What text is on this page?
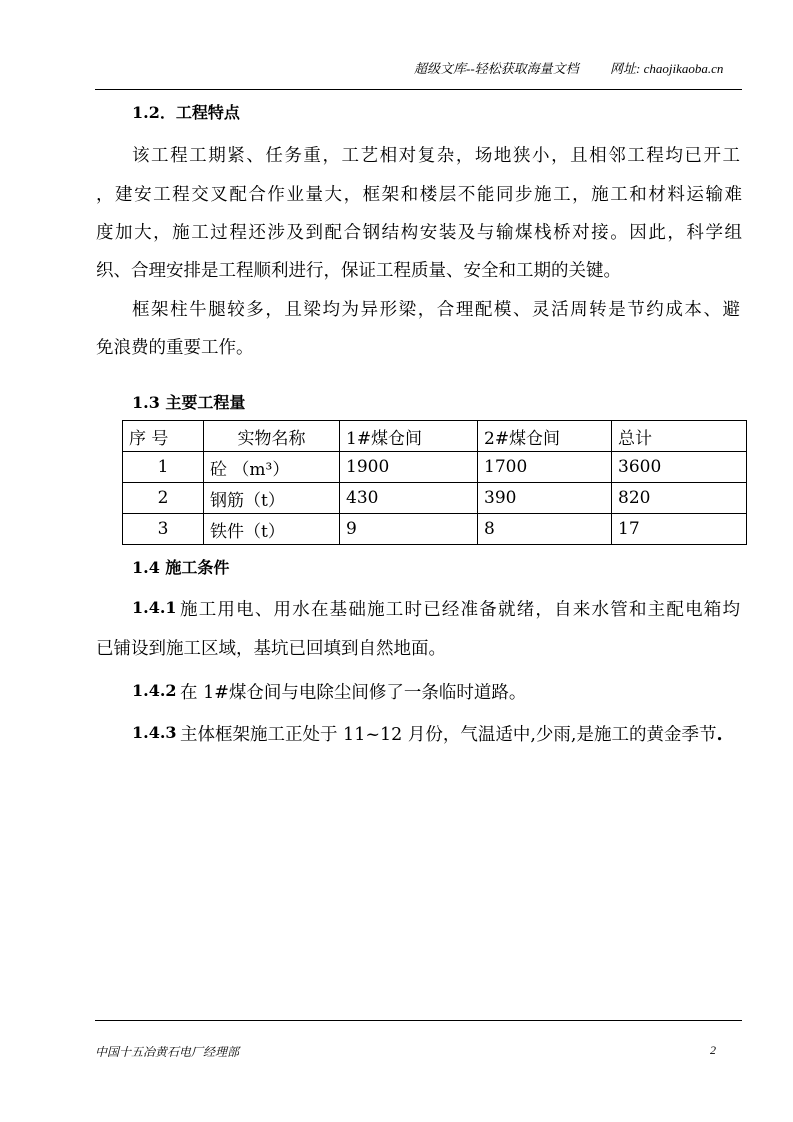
超级文库--轻松获取海量文档 网址: chaojikaoba.cn
1.2．工程特点
该工程工期紧、任务重，工艺相对复杂，场地狭小，且相邻工程均已开工
，建安工程交叉配合作业量大，框架和楼层不能同步施工，施工和材料运输难
度加大，施工过程还涉及到配合钢结构安装及与输煤栈桥对接。因此，科学组
织、合理安排是工程顺利进行，保证工程质量、安全和工期的关键。
框架柱牛腿较多，且梁均为异形梁，合理配模、灵活周转是节约成本、避
免浪费的重要工作。
1.3 主要工程量
序 号	实物名称	1#煤仓间	2#煤仓间	总计
1	砼 （m³）	1900	1700	3600
2	钢筋（t）	430	390	820
3	铁件（t）	9	8	17
1.4 施工条件
1.4.1 施工用电、用水在基础施工时已经准备就绪，自来水管和主配电箱均
已铺设到施工区域，基坑已回填到自然地面。
1.4.2 在 1#煤仓间与电除尘间修了一条临时道路。
1.4.3 主体框架施工正处于 11~12 月份，气温适中,少雨,是施工的黄金季节.
中国十五冶黄石电厂经理部	2
